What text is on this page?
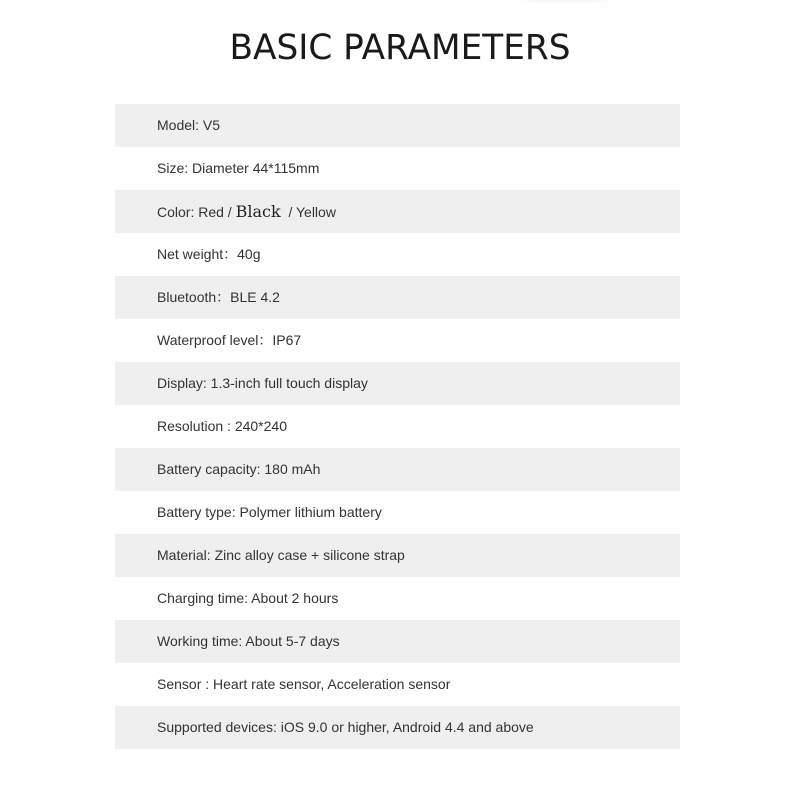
BASIC PARAMETERS
Model: V5
Size: Diameter 44*115mm
Color: Red / Black  / Yellow
Net weight：40g
Bluetooth：BLE 4.2
Waterproof level：IP67
Display: 1.3-inch full touch display
Resolution : 240*240
Battery capacity: 180 mAh
Battery type: Polymer lithium battery
Material: Zinc alloy case + silicone strap
Charging time: About 2 hours
Working time: About 5-7 days
Sensor : Heart rate sensor, Acceleration sensor
Supported devices: iOS 9.0 or higher, Android 4.4 and above
